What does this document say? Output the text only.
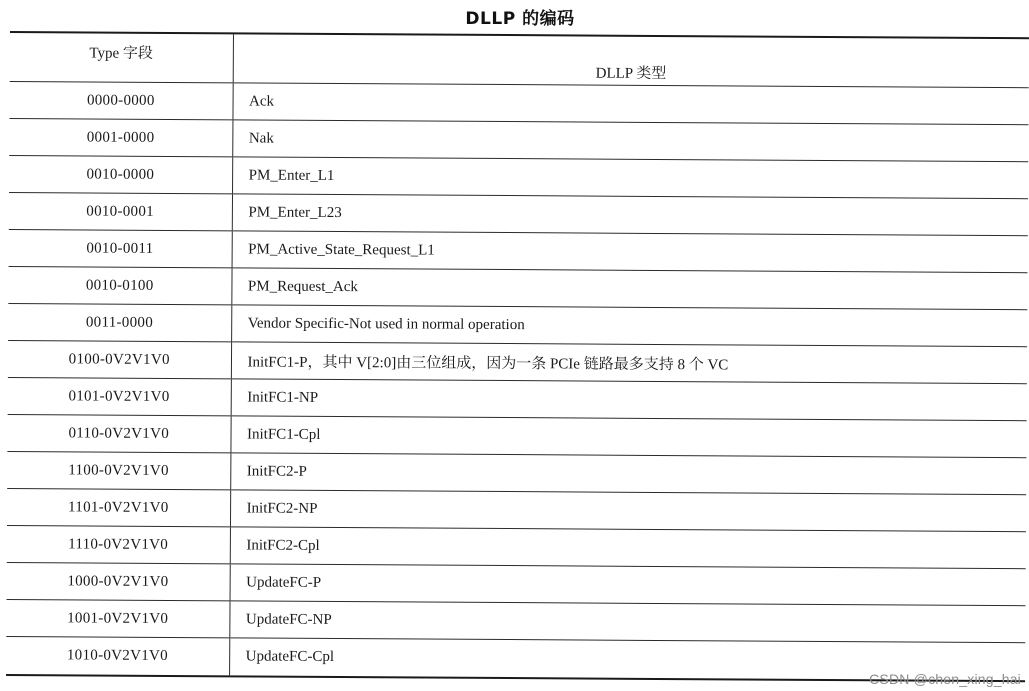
DLLP 的编码
Type 字段	DLLP 类型
0000-0000	Ack
0001-0000	Nak
0010-0000	PM_Enter_L1
0010-0001	PM_Enter_L23
0010-0011	PM_Active_State_Request_L1
0010-0100	PM_Request_Ack
0011-0000	Vendor Specific-Not used in normal operation
0100-0V2V1V0	InitFC1-P，其中 V[2:0]由三位组成，因为一条 PCIe 链路最多支持 8 个 VC
0101-0V2V1V0	InitFC1-NP
0110-0V2V1V0	InitFC1-Cpl
1100-0V2V1V0	InitFC2-P
1101-0V2V1V0	InitFC2-NP
1110-0V2V1V0	InitFC2-Cpl
1000-0V2V1V0	UpdateFC-P
1001-0V2V1V0	UpdateFC-NP
1010-0V2V1V0	UpdateFC-Cpl
CSDN @chen_xing_hai
